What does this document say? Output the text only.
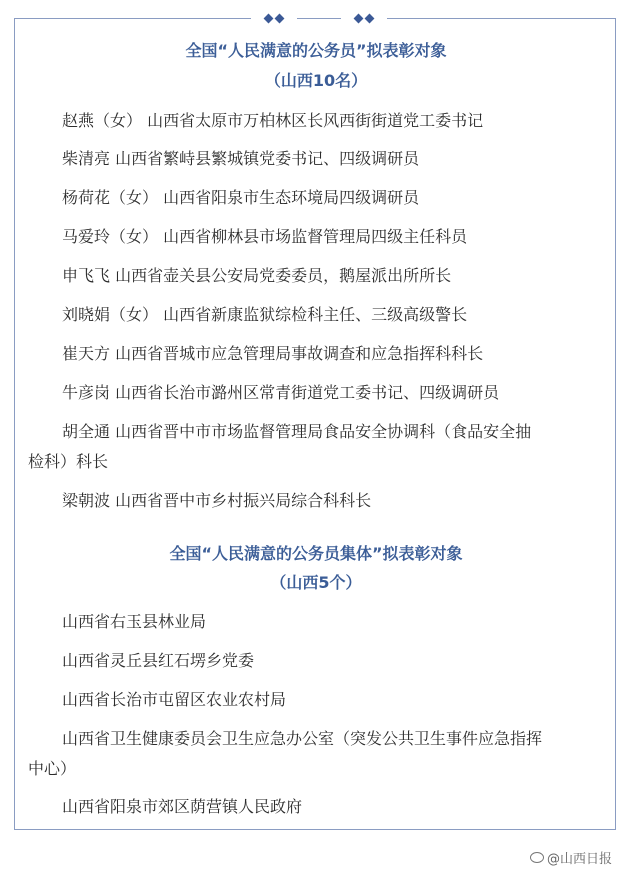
全国“人民满意的公务员”拟表彰对象
（山西10名）
赵燕（女） 山西省太原市万柏林区长风西街街道党工委书记
柴清亮 山西省繁峙县繁城镇党委书记、四级调研员
杨荷花（女） 山西省阳泉市生态环境局四级调研员
马爱玲（女） 山西省柳林县市场监督管理局四级主任科员
申飞飞 山西省壶关县公安局党委委员，鹅屋派出所所长
刘晓娟（女） 山西省新康监狱综检科主任、三级高级警长
崔天方 山西省晋城市应急管理局事故调查和应急指挥科科长
牛彦岗 山西省长治市潞州区常青街道党工委书记、四级调研员
胡全通 山西省晋中市市场监督管理局食品安全协调科（食品安全抽
检科）科长
梁朝波 山西省晋中市乡村振兴局综合科科长
全国“人民满意的公务员集体”拟表彰对象
（山西5个）
山西省右玉县林业局
山西省灵丘县红石塄乡党委
山西省长治市屯留区农业农村局
山西省卫生健康委员会卫生应急办公室（突发公共卫生事件应急指挥
中心）
山西省阳泉市郊区荫营镇人民政府
@山西日报
